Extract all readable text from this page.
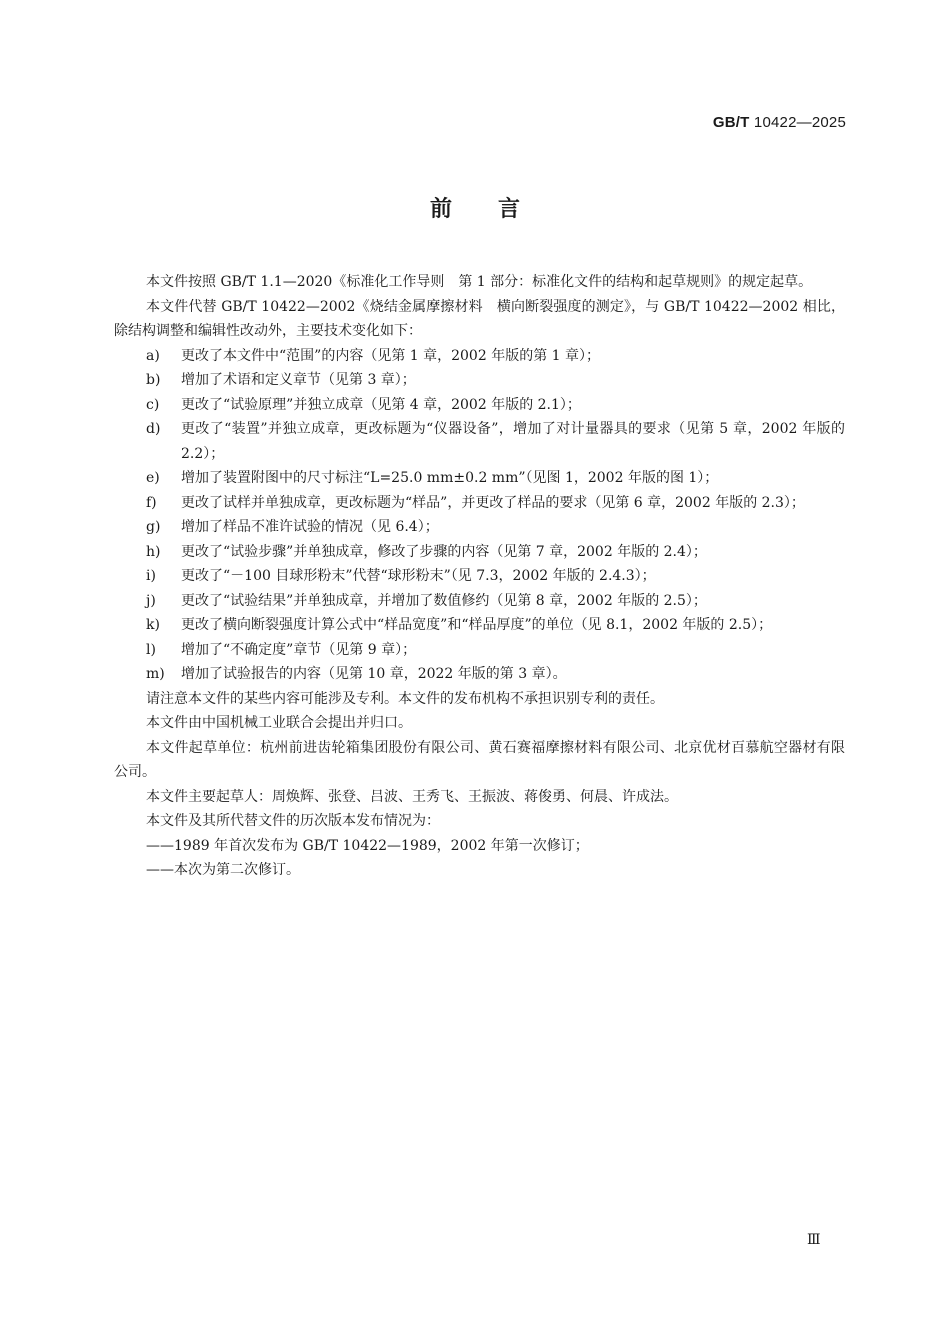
GB/T 10422—2025
前言

本文件按照 GB/T 1.1—2020《标准化工作导则　第 1 部分：标准化文件的结构和起草规则》的规定起草。

本文件代替 GB/T 10422—2002《烧结金属摩擦材料　横向断裂强度的测定》，与 GB/T 10422—2002 相比，除结构调整和编辑性改动外，主要技术变化如下：

a) 更改了本文件中“范围”的内容（见第 1 章，2002 年版的第 1 章）；

b) 增加了术语和定义章节（见第 3 章）；

c) 更改了“试验原理”并独立成章（见第 4 章，2002 年版的 2.1）；

d) 更改了“装置”并独立成章，更改标题为“仪器设备”，增加了对计量器具的要求（见第 5 章，2002 年版的 2.2）；

e) 增加了装置附图中的尺寸标注“L=25.0 mm±0.2 mm”（见图 1，2002 年版的图 1）；

f) 更改了试样并单独成章，更改标题为“样品”，并更改了样品的要求（见第 6 章，2002 年版的 2.3）；

g) 增加了样品不准许试验的情况（见 6.4）；

h) 更改了“试验步骤”并单独成章，修改了步骤的内容（见第 7 章，2002 年版的 2.4）；

i) 更改了“－100 目球形粉末”代替“球形粉末”（见 7.3，2002 年版的 2.4.3）；

j) 更改了“试验结果”并单独成章，并增加了数值修约（见第 8 章，2002 年版的 2.5）；

k) 更改了横向断裂强度计算公式中“样品宽度”和“样品厚度”的单位（见 8.1，2002 年版的 2.5）；

l) 增加了“不确定度”章节（见第 9 章）；

m) 增加了试验报告的内容（见第 10 章，2022 年版的第 3 章）。

请注意本文件的某些内容可能涉及专利。本文件的发布机构不承担识别专利的责任。

本文件由中国机械工业联合会提出并归口。

本文件起草单位：杭州前进齿轮箱集团股份有限公司、黄石赛福摩擦材料有限公司、北京优材百慕航空器材有限公司。

本文件主要起草人：周焕辉、张登、吕波、王秀飞、王振波、蒋俊勇、何晨、许成法。

本文件及其所代替文件的历次版本发布情况为：

——1989 年首次发布为 GB/T 10422—1989，2002 年第一次修订；

——本次为第二次修订。

Ⅲ
